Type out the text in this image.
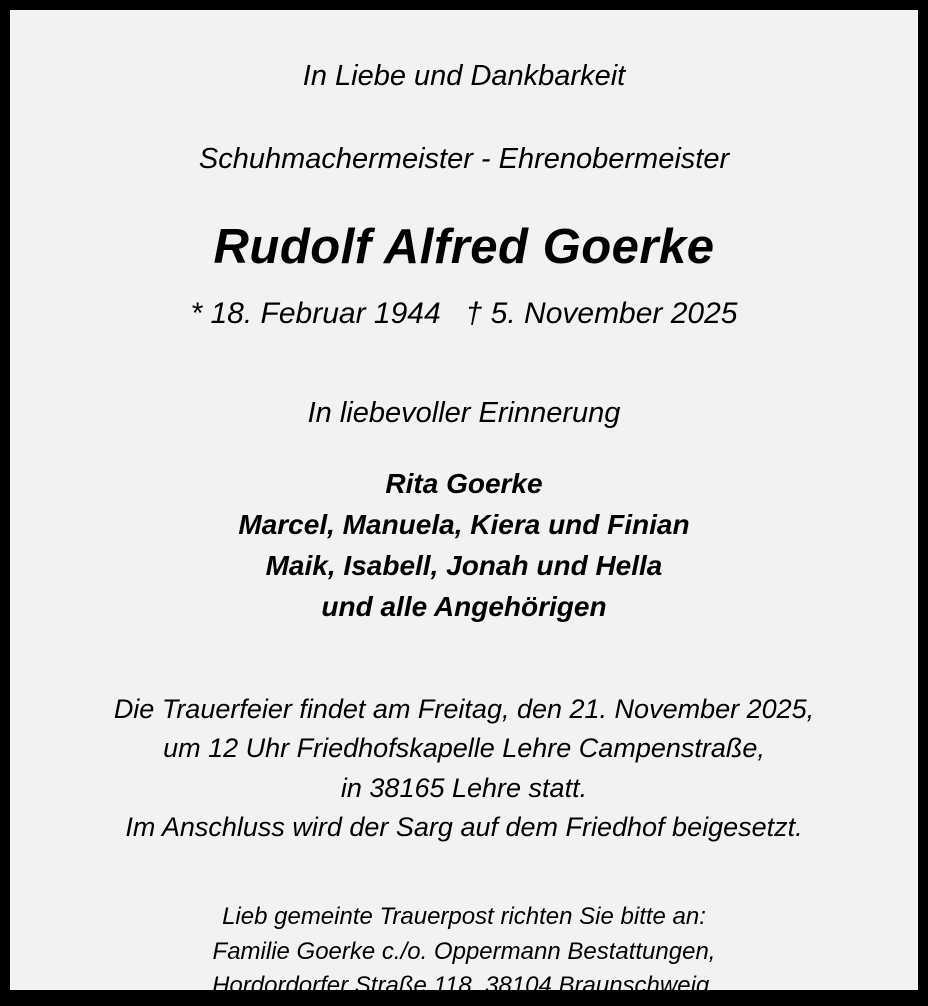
In Liebe und Dankbarkeit
Schuhmachermeister - Ehrenobermeister
Rudolf Alfred Goerke
* 18. Februar 1944   † 5. November 2025
In liebevoller Erinnerung
Rita Goerke
Marcel, Manuela, Kiera und Finian
Maik, Isabell, Jonah und Hella
und alle Angehörigen
Die Trauerfeier findet am Freitag, den 21. November 2025,
um 12 Uhr Friedhofskapelle Lehre Campenstraße,
in 38165 Lehre statt.
Im Anschluss wird der Sarg auf dem Friedhof beigesetzt.
Lieb gemeinte Trauerpost richten Sie bitte an:
Familie Goerke c./o. Oppermann Bestattungen,
Hordordorfer Straße 118, 38104 Braunschweig.
